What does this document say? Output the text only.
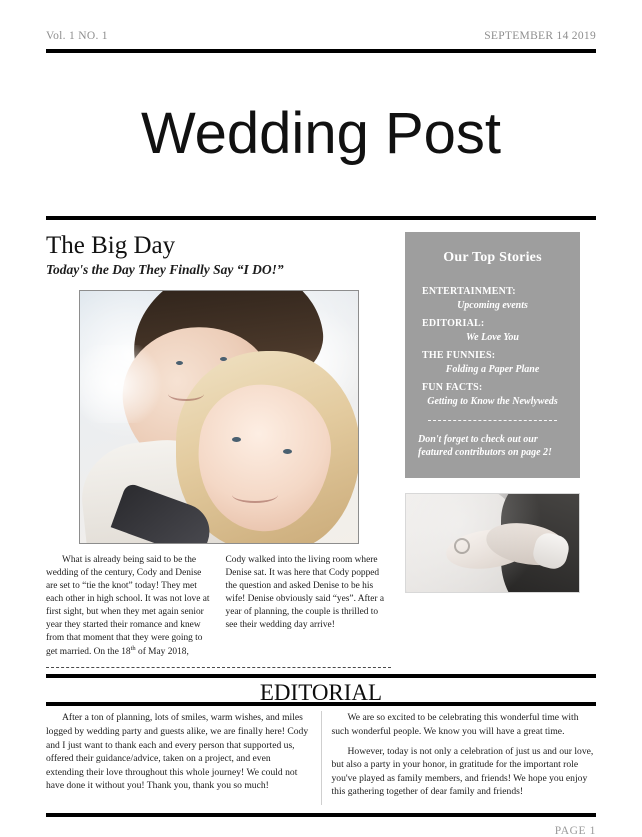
Vol. 1 NO. 1	SEPTEMBER 14 2019
Wedding Post
The Big Day
Today's the Day They Finally Say “I DO!”

What is already being said to be the wedding of the century, Cody and Denise are set to “tie the knot” today! They met each other in high school. It was not love at first sight, but when they met again senior year they started their romance and knew from that moment that they were going to get married. On the 18th of May 2018,

Cody walked into the living room where Denise sat. It was here that Cody popped the question and asked Denise to be his wife! Denise obviously said “yes”. After a year of planning, the couple is thrilled to see their wedding day arrive!

Our Top Stories
ENTERTAINMENT:
Upcoming events
EDITORIAL:
We Love You
THE FUNNIES:
Folding a Paper Plane
FUN FACTS:
Getting to Know the Newlyweds

Don't forget to check out our featured contributors on page 2!

EDITORIAL

After a ton of planning, lots of smiles, warm wishes, and miles logged by wedding party and guests alike, we are finally here! Cody and I just want to thank each and every person that supported us, offered their guidance/advice, taken on a project, and even extending their love throughout this whole journey! We could not have done it without you! Thank you, thank you so much!

We are so excited to be celebrating this wonderful time with such wonderful people. We know you will have a great time.

However, today is not only a celebration of just us and our love, but also a party in your honor, in gratitude for the important role you've played as family members, and friends! We hope you enjoy this gathering together of dear family and friends!

PAGE 1
